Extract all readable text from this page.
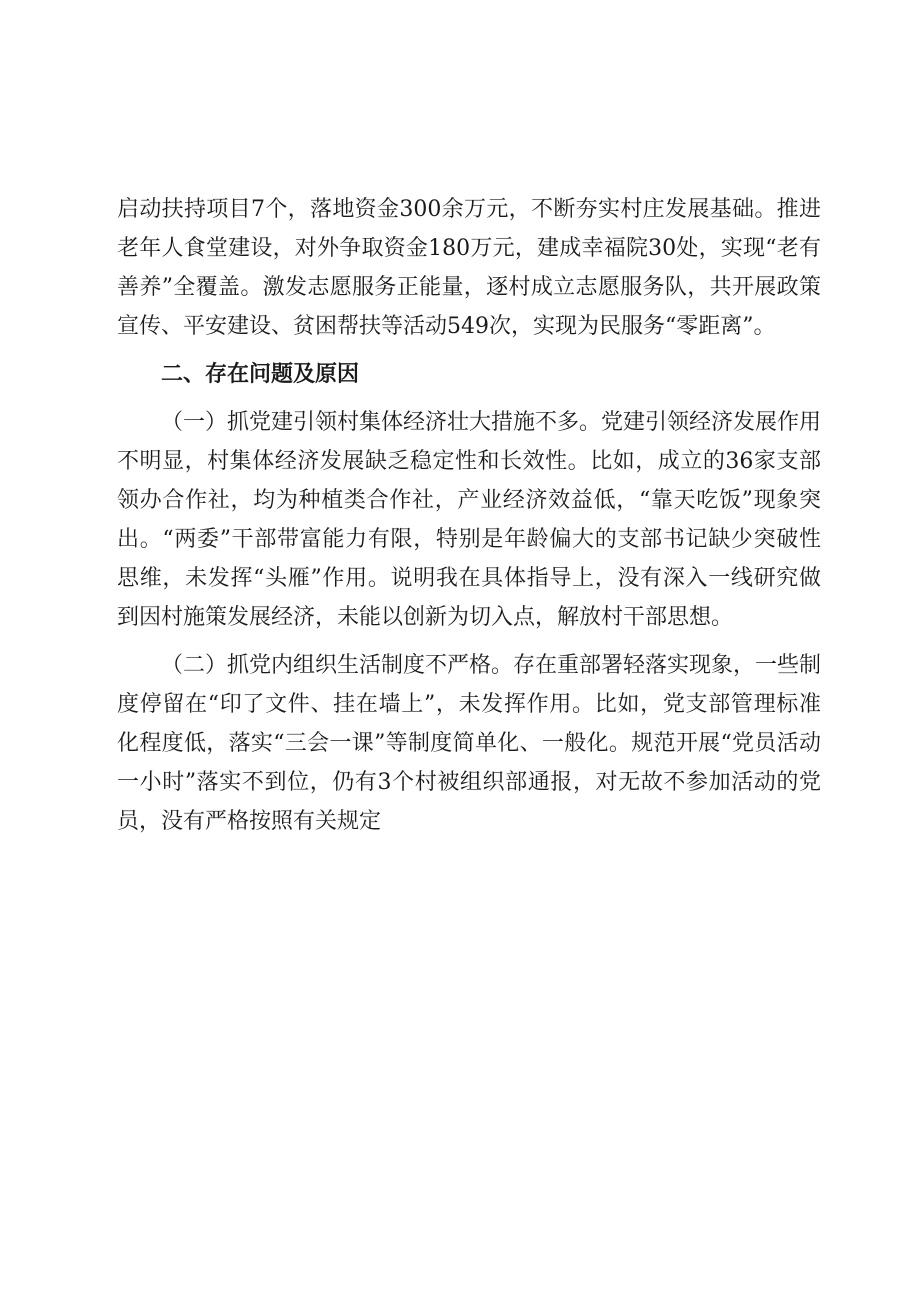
启动扶持项目7个，落地资金300余万元，不断夯实村庄发展基础。推进老年人食堂建设，对外争取资金180万元，建成幸福院30处，实现“老有善养”全覆盖。激发志愿服务正能量，逐村成立志愿服务队，共开展政策宣传、平安建设、贫困帮扶等活动549次，实现为民服务“零距离”。

二、存在问题及原因

（一）抓党建引领村集体经济壮大措施不多。党建引领经济发展作用不明显，村集体经济发展缺乏稳定性和长效性。比如，成立的36家支部领办合作社，均为种植类合作社，产业经济效益低，“靠天吃饭”现象突出。“两委”干部带富能力有限，特别是年龄偏大的支部书记缺少突破性思维，未发挥“头雁”作用。说明我在具体指导上，没有深入一线研究做到因村施策发展经济，未能以创新为切入点，解放村干部思想。

（二）抓党内组织生活制度不严格。存在重部署轻落实现象，一些制度停留在“印了文件、挂在墙上”，未发挥作用。比如，党支部管理标准化程度低，落实“三会一课”等制度简单化、一般化。规范开展“党员活动一小时”落实不到位，仍有3个村被组织部通报，对无故不参加活动的党员，没有严格按照有关规定
